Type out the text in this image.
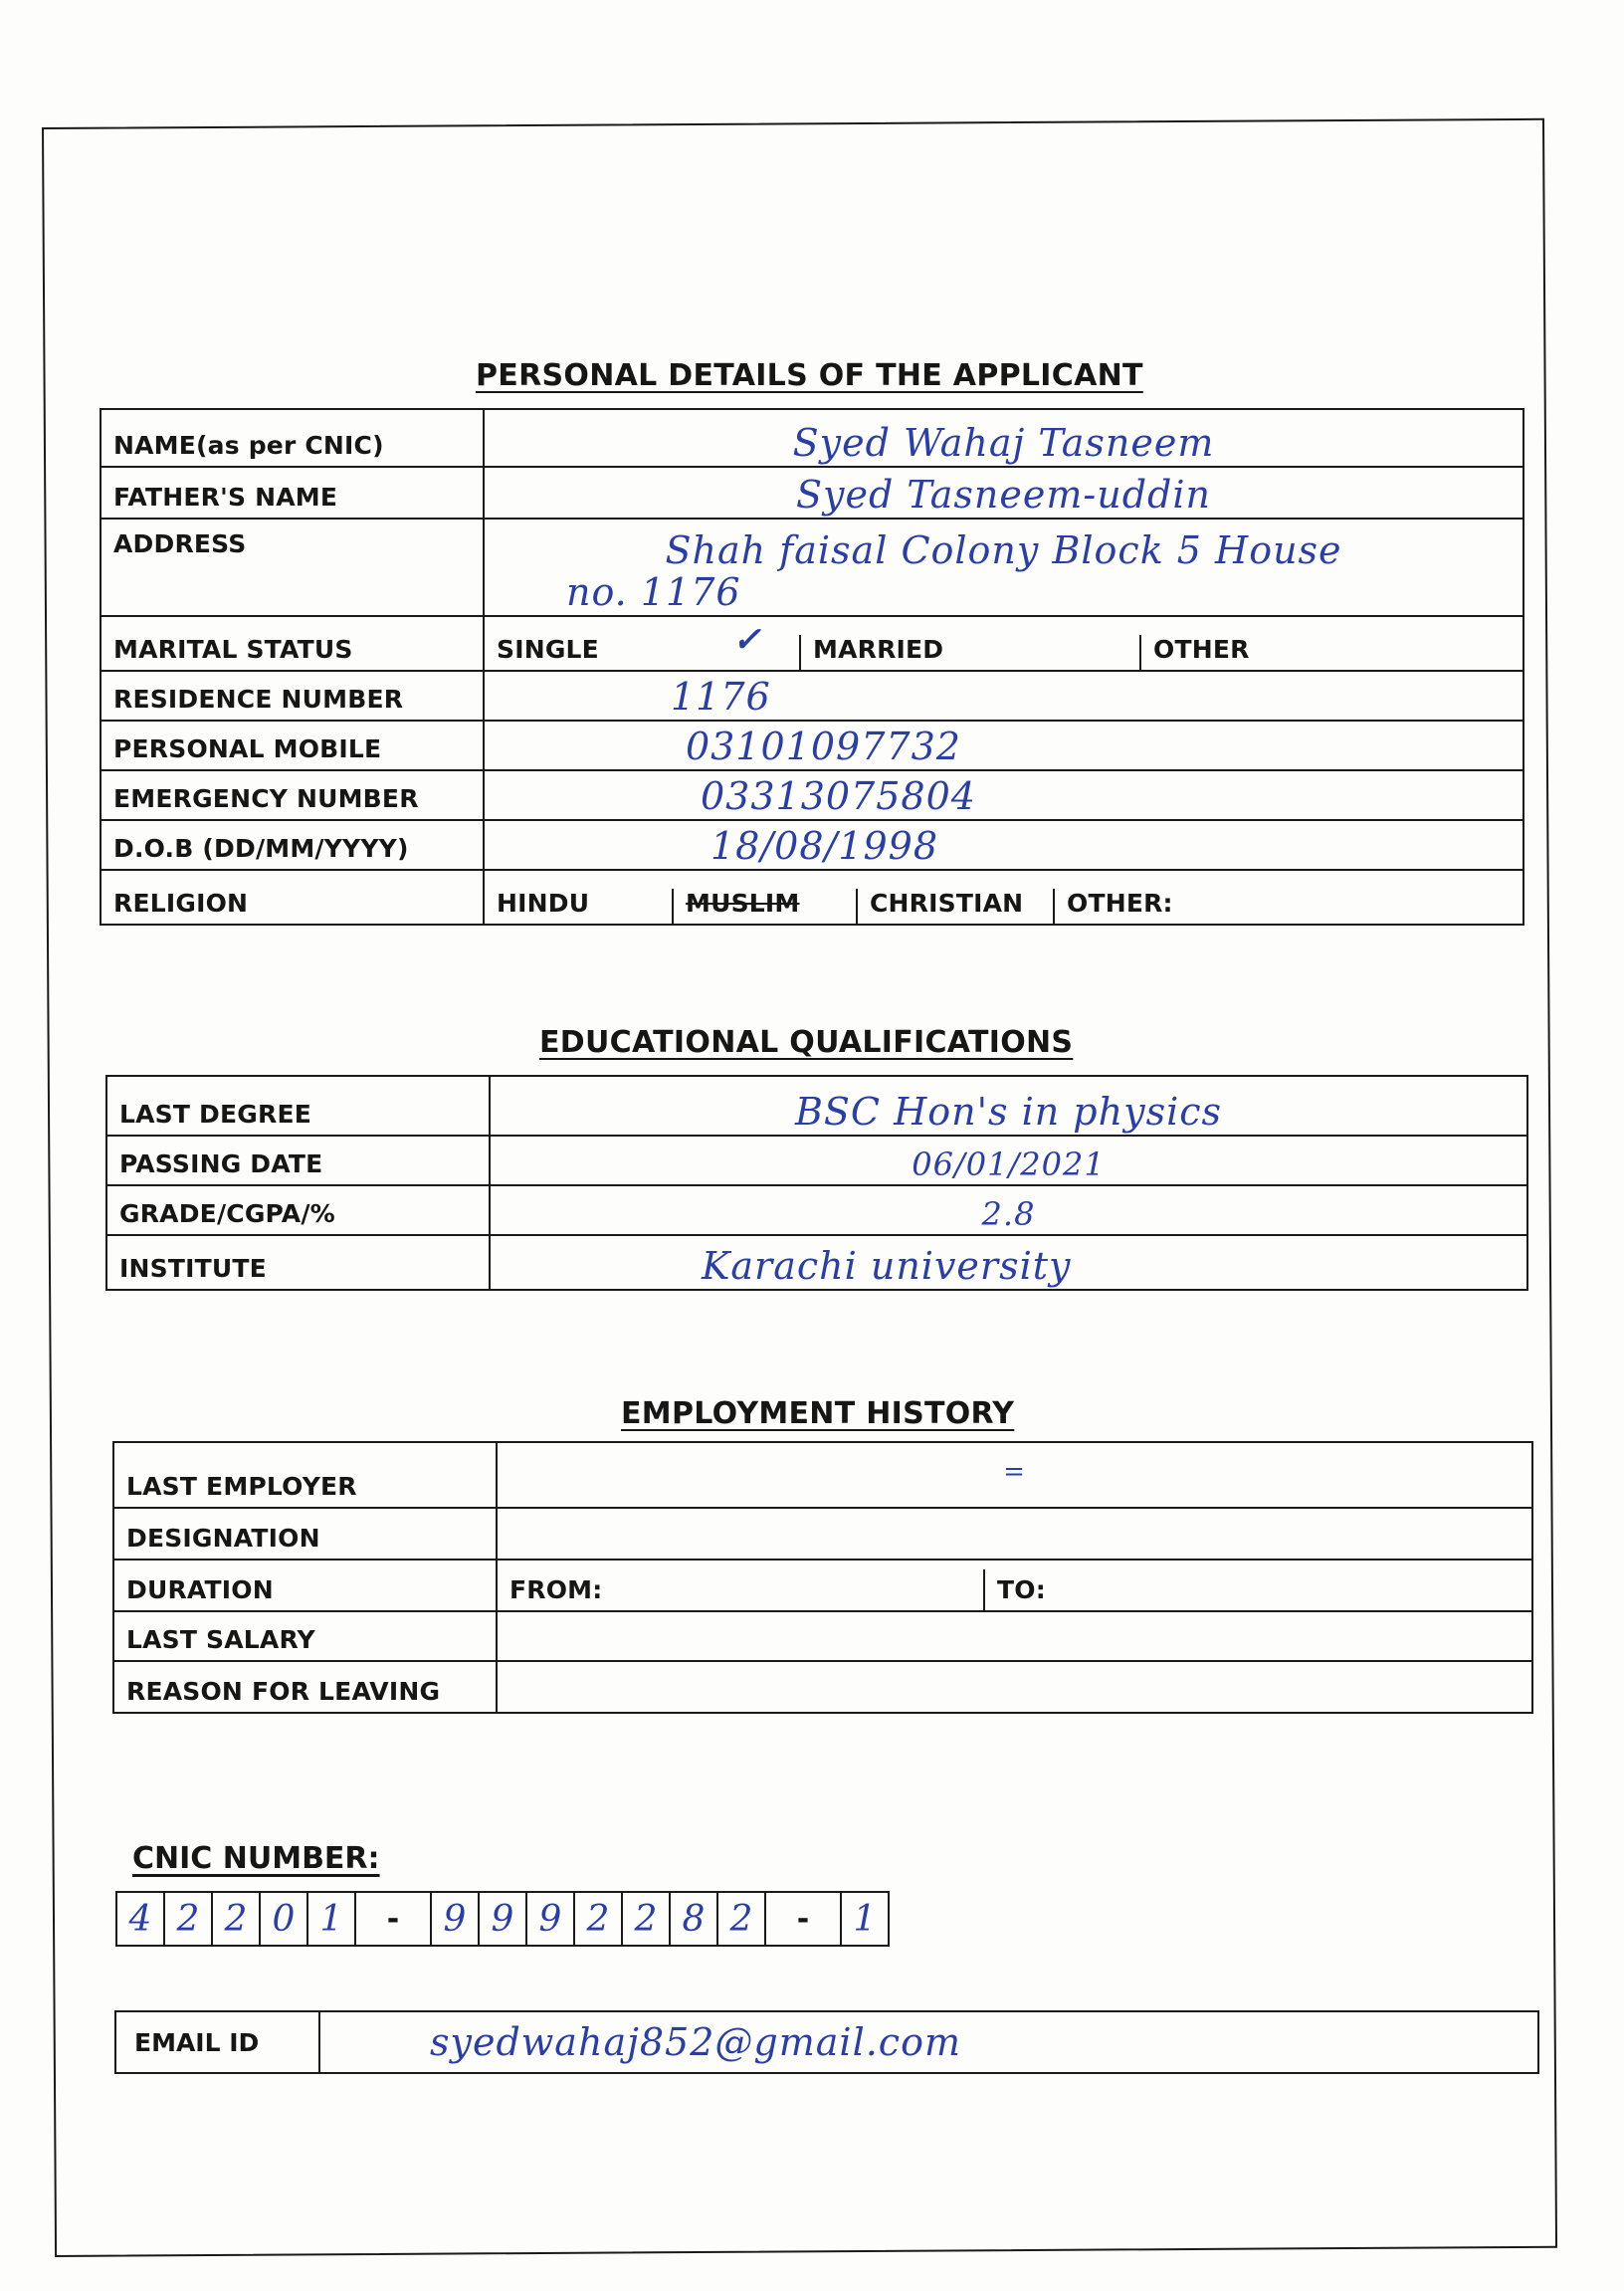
PERSONAL DETAILS OF THE APPLICANT
NAME(as per CNIC)	Syed Wahaj Tasneem

FATHER'S NAME	Syed Tasneem-uddin

ADDRESS	Shah faisal Colony Block 5 House
no. 1176

MARITAL STATUS	SINGLE ✓ MARRIED OTHER

RESIDENCE NUMBER	1176

PERSONAL MOBILE	03101097732

EMERGENCY NUMBER	03313075804

D.O.B (DD/MM/YYYY)	18/08/1998

RELIGION	HINDU MUSLIM CHRISTIAN OTHER:
EDUCATIONAL QUALIFICATIONS
LAST DEGREE	BSC Hon's in physics

PASSING DATE	06/01/2021

GRADE/CGPA/%	2.8

INSTITUTE	Karachi university
EMPLOYMENT HISTORY
LAST EMPLOYER	=

DESIGNATION	
DURATION	FROM: TO:

LAST SALARY	
REASON FOR LEAVING	
CNIC NUMBER:
4 2 2 0 1	-	9 9 9 2 2 8 2	-	1
EMAIL ID	syedwahaj852@gmail.com
